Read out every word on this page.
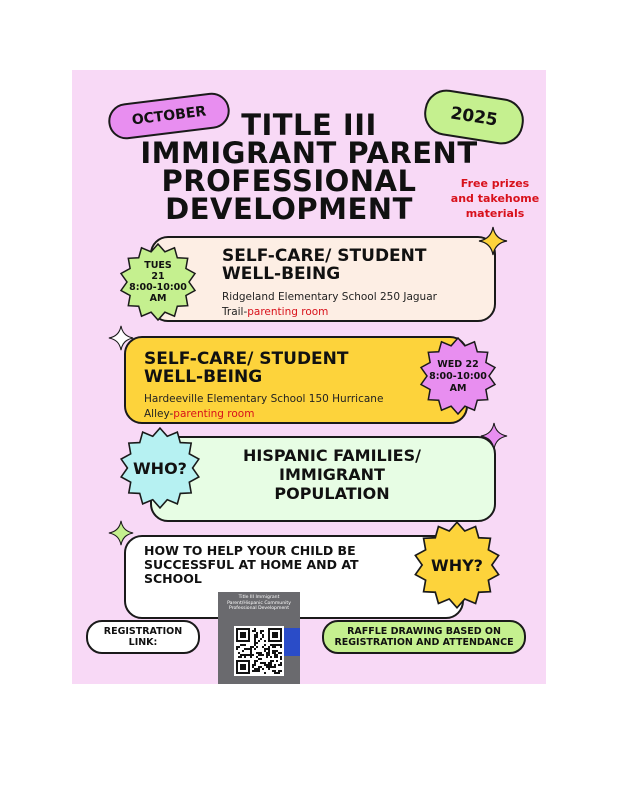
OCTOBER	2025
TITLE III
IMMIGRANT PARENT
PROFESSIONAL
DEVELOPMENT
Free prizes
and takehome
materials
TUES
21
8:00-10:00
AM
SELF-CARE/ STUDENT
WELL-BEING
Ridgeland Elementary School 250 Jaguar Trail-parenting room
SELF-CARE/ STUDENT
WELL-BEING
Hardeeville Elementary School 150 Hurricane Alley-parenting room
WED 22
8:00-10:00
AM
WHO?
HISPANIC FAMILIES/
IMMIGRANT
POPULATION
HOW TO HELP YOUR CHILD BE
SUCCESSFUL AT HOME AND AT
SCHOOL
WHY?
REGISTRATION
LINK:
Title III Immigrant Parent/Hispanic Community Professional Development
RAFFLE DRAWING BASED ON
REGISTRATION AND ATTENDANCE
